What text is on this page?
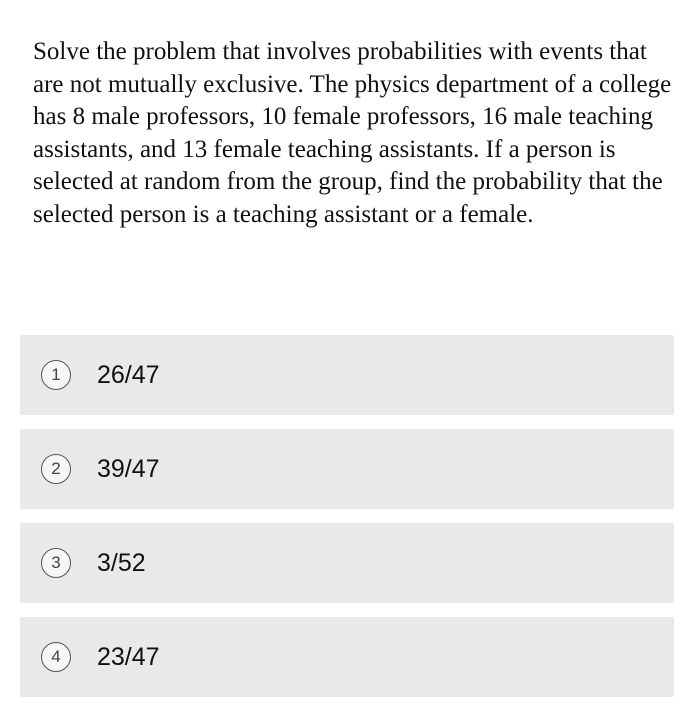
Solve the problem that involves probabilities with events that are not mutually exclusive. The physics department of a college has 8 male professors, 10 female professors, 16 male teaching assistants, and 13 female teaching assistants. If a person is selected at random from the group, find the probability that the selected person is a teaching assistant or a female.

1	26/47
2	39/47
3	3/52
4	23/47
